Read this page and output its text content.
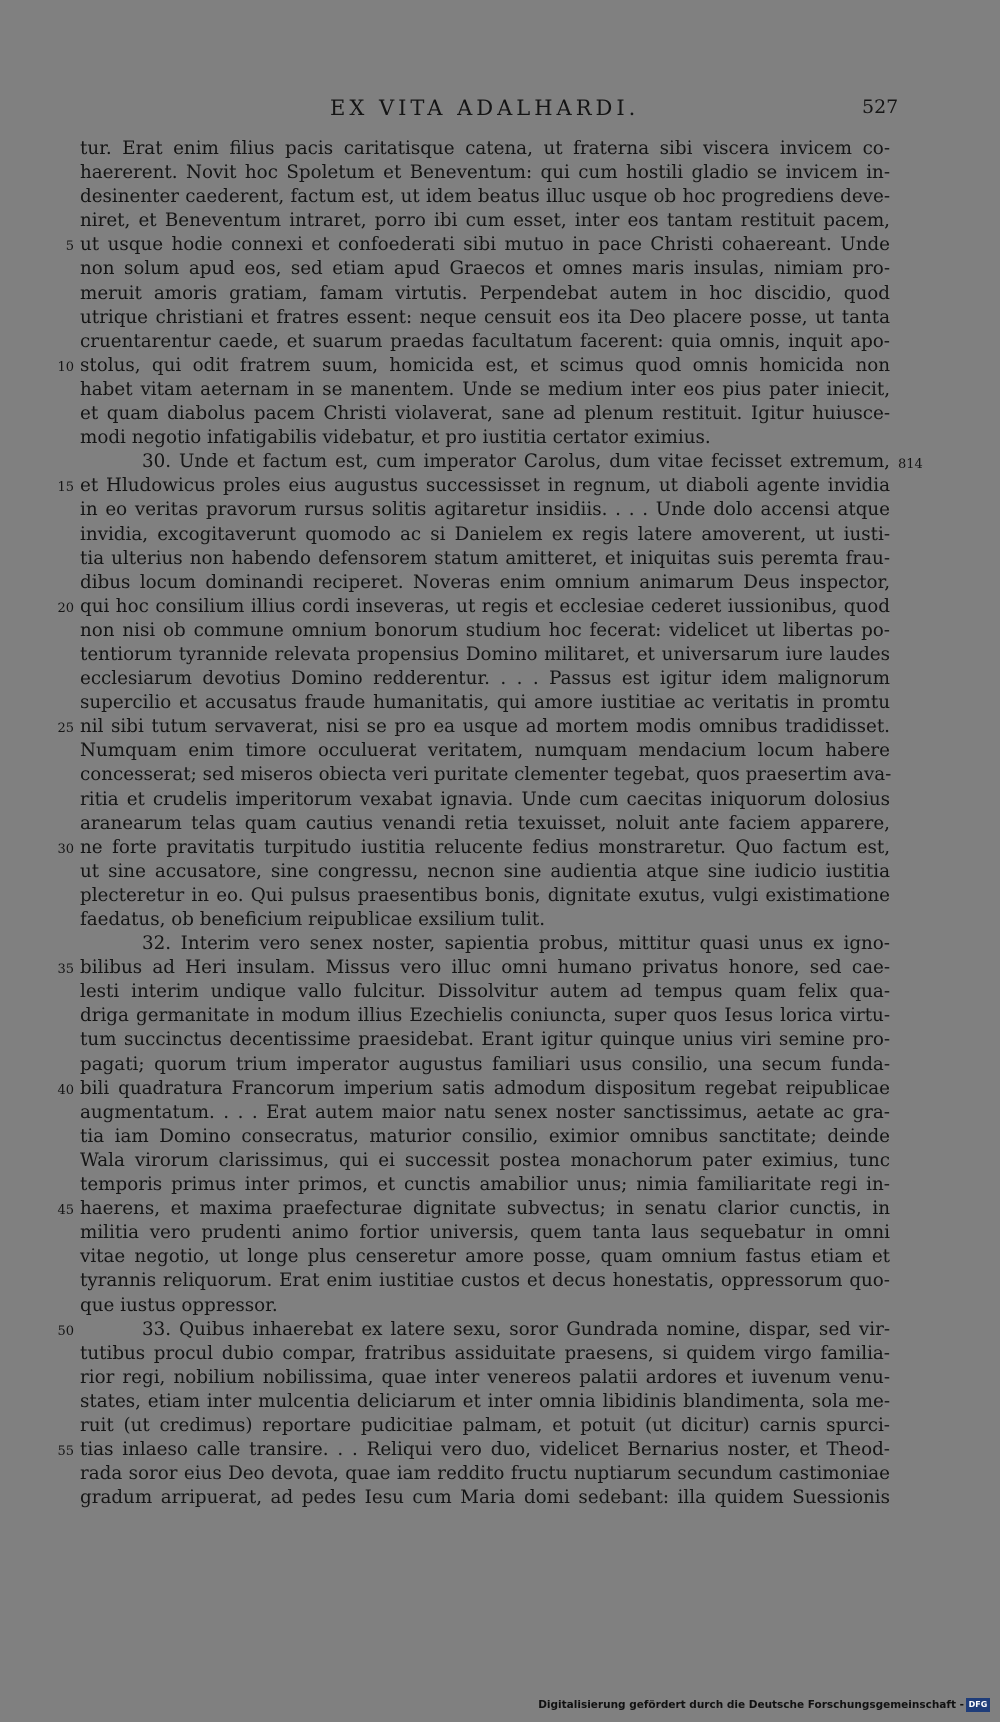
EX VITA ADALHARDI.	527
tur. Erat enim filius pacis caritatisque catena, ut fraterna sibi viscera invicem co-
haererent. Novit hoc Spoletum et Beneventum: qui cum hostili gladio se invicem in-
desinenter caederent, factum est, ut idem beatus illuc usque ob hoc progrediens deve-
niret, et Beneventum intraret, porro ibi cum esset, inter eos tantam restituit pacem,
ut usque hodie connexi et confoederati sibi mutuo in pace Christi cohaereant. Unde
5
non solum apud eos, sed etiam apud Graecos et omnes maris insulas, nimiam pro-
meruit amoris gratiam, famam virtutis. Perpendebat autem in hoc discidio, quod
utrique christiani et fratres essent: neque censuit eos ita Deo placere posse, ut tanta
cruentarentur caede, et suarum praedas facultatum facerent: quia omnis, inquit apo-
stolus, qui odit fratrem suum, homicida est, et scimus quod omnis homicida non
10
habet vitam aeternam in se manentem. Unde se medium inter eos pius pater iniecit,
et quam diabolus pacem Christi violaverat, sane ad plenum restituit. Igitur huiusce-
modi negotio infatigabilis videbatur, et pro iustitia certator eximius.
30. Unde et factum est, cum imperator Carolus, dum vitae fecisset extremum, 814
et Hludowicus proles eius augustus successisset in regnum, ut diaboli agente invidia
15
in eo veritas pravorum rursus solitis agitaretur insidiis. . . . Unde dolo accensi atque
invidia, excogitaverunt quomodo ac si Danielem ex regis latere amoverent, ut iusti-
tia ulterius non habendo defensorem statum amitteret, et iniquitas suis peremta frau-
dibus locum dominandi reciperet. Noveras enim omnium animarum Deus inspector,
qui hoc consilium illius cordi inseveras, ut regis et ecclesiae cederet iussionibus, quod
20
non nisi ob commune omnium bonorum studium hoc fecerat: videlicet ut libertas po-
tentiorum tyrannide relevata propensius Domino militaret, et universarum iure laudes
ecclesiarum devotius Domino redderentur. . . . Passus est igitur idem malignorum
supercilio et accusatus fraude humanitatis, qui amore iustitiae ac veritatis in promtu
nil sibi tutum servaverat, nisi se pro ea usque ad mortem modis omnibus tradidisset.
25
Numquam enim timore occuluerat veritatem, numquam mendacium locum habere
concesserat; sed miseros obiecta veri puritate clementer tegebat, quos praesertim ava-
ritia et crudelis imperitorum vexabat ignavia. Unde cum caecitas iniquorum dolosius
aranearum telas quam cautius venandi retia texuisset, noluit ante faciem apparere,
ne forte pravitatis turpitudo iustitia relucente fedius monstraretur. Quo factum est,
30
ut sine accusatore, sine congressu, necnon sine audientia atque sine iudicio iustitia
plecteretur in eo. Qui pulsus praesentibus bonis, dignitate exutus, vulgi existimatione
faedatus, ob beneficium reipublicae exsilium tulit.
32. Interim vero senex noster, sapientia probus, mittitur quasi unus ex igno-
bilibus ad Heri insulam. Missus vero illuc omni humano privatus honore, sed cae-
35
lesti interim undique vallo fulcitur. Dissolvitur autem ad tempus quam felix qua-
driga germanitate in modum illius Ezechielis coniuncta, super quos Iesus lorica virtu-
tum succinctus decentissime praesidebat. Erant igitur quinque unius viri semine pro-
pagati; quorum trium imperator augustus familiari usus consilio, una secum funda-
bili quadratura Francorum imperium satis admodum dispositum regebat reipublicae
40
augmentatum. . . . Erat autem maior natu senex noster sanctissimus, aetate ac gra-
tia iam Domino consecratus, maturior consilio, eximior omnibus sanctitate; deinde
Wala virorum clarissimus, qui ei successit postea monachorum pater eximius, tunc
temporis primus inter primos, et cunctis amabilior unus; nimia familiaritate regi in-
haerens, et maxima praefecturae dignitate subvectus; in senatu clarior cunctis, in
45
militia vero prudenti animo fortior universis, quem tanta laus sequebatur in omni
vitae negotio, ut longe plus censeretur amore posse, quam omnium fastus etiam et
tyrannis reliquorum. Erat enim iustitiae custos et decus honestatis, oppressorum quo-
que iustus oppressor.
33. Quibus inhaerebat ex latere sexu, soror Gundrada nomine, dispar, sed vir-
50
tutibus procul dubio compar, fratribus assiduitate praesens, si quidem virgo familia-
rior regi, nobilium nobilissima, quae inter venereos palatii ardores et iuvenum venu-
states, etiam inter mulcentia deliciarum et inter omnia libidinis blandimenta, sola me-
ruit (ut credimus) reportare pudicitiae palmam, et potuit (ut dicitur) carnis spurci-
tias inlaeso calle transire. . . Reliqui vero duo, videlicet Bernarius noster, et Theod-
55
rada soror eius Deo devota, quae iam reddito fructu nuptiarum secundum castimoniae
gradum arripuerat, ad pedes Iesu cum Maria domi sedebant: illa quidem Suessionis
Digitalisierung gefördert durch die Deutsche Forschungsgemeinschaft - DFG
